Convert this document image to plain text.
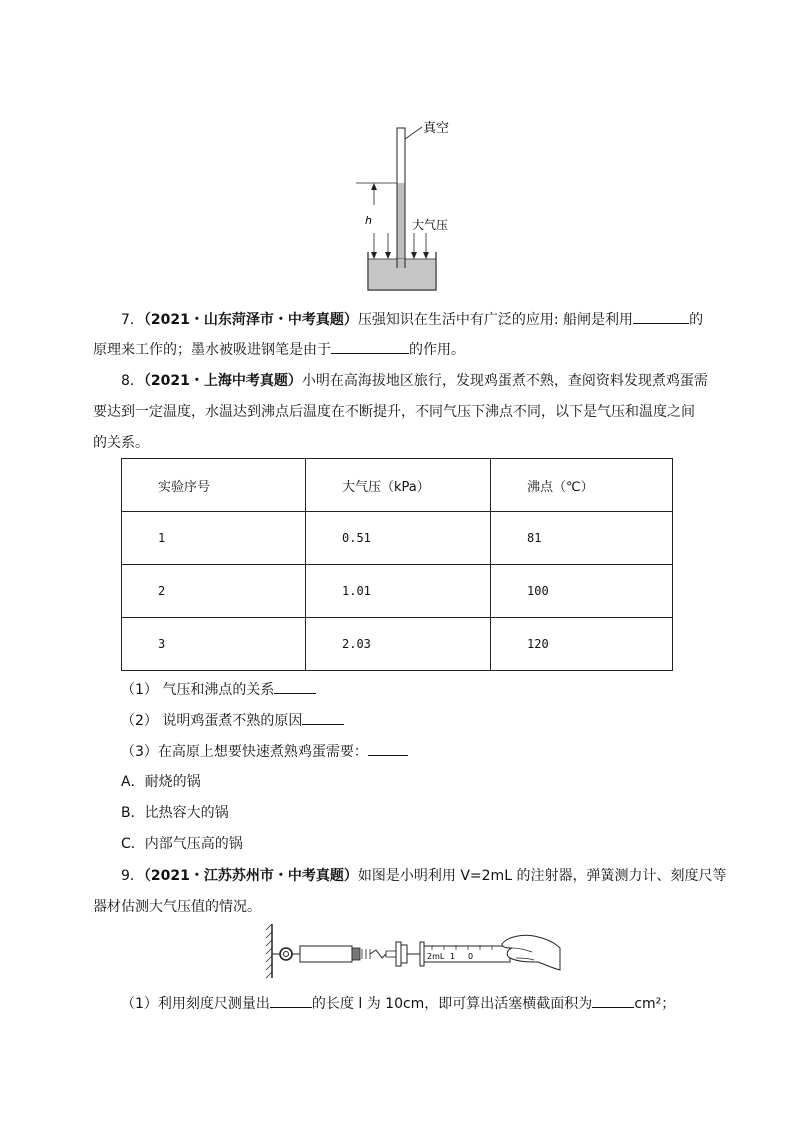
真空
h	大气压
7．（2021・山东菏泽市・中考真题）压强知识在生活中有广泛的应用: 船闸是利用	的
原理来工作的；墨水被吸进钢笔是由于	的作用。
8．（2021・上海中考真题）小明在高海拔地区旅行，发现鸡蛋煮不熟，查阅资料发现煮鸡蛋需
要达到一定温度，水温达到沸点后温度在不断提升，不同气压下沸点不同，以下是气压和温度之间
的关系。
实验序号	大气压（kPa）	沸点（℃）
1	0.51	81
2	1.01	100
3	2.03	120
（1） 气压和沸点的关系
（2） 说明鸡蛋煮不熟的原因
（3）在高原上想要快速煮熟鸡蛋需要：
A．耐烧的锅
B．比热容大的锅
C．内部气压高的锅
9．（2021・江苏苏州市・中考真题）如图是小明利用 V=2mL 的注射器，弹簧测力计、刻度尺等
器材估测大气压值的情况。
2mL 1 0
（1）利用刻度尺测量出	的长度 l 为 10cm，即可算出活塞横截面积为	cm²；
